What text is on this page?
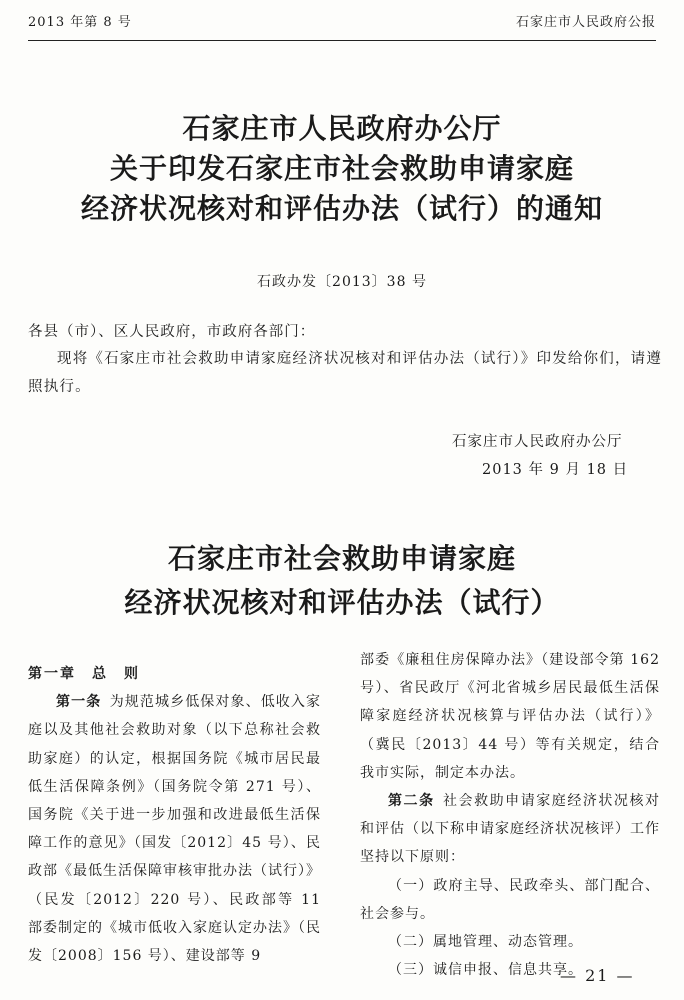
2013 年第 8 号	石家庄市人民政府公报
石家庄市人民政府办公厅
关于印发石家庄市社会救助申请家庭
经济状况核对和评估办法（试行）的通知
石政办发〔2013〕38 号
各县（市）、区人民政府，市政府各部门：

现将《石家庄市社会救助申请家庭经济状况核对和评估办法（试行）》印发给你们，请遵照执行。

石家庄市人民政府办公厅
2013 年 9 月 18 日
石家庄市社会救助申请家庭
经济状况核对和评估办法（试行）

第一章　总　则

第一条 为规范城乡低保对象、低收入家庭以及其他社会救助对象（以下总称社会救助家庭）的认定，根据国务院《城市居民最低生活保障条例》（国务院令第 271 号）、国务院《关于进一步加强和改进最低生活保障工作的意见》（国发〔2012〕45 号）、民政部《最低生活保障审核审批办法（试行）》（民发〔2012〕220 号）、民政部等 11 部委制定的《城市低收入家庭认定办法》（民发〔2008〕156 号）、建设部等 9

部委《廉租住房保障办法》（建设部令第 162 号）、省民政厅《河北省城乡居民最低生活保障家庭经济状况核算与评估办法（试行）》（冀民〔2013〕44 号）等有关规定，结合我市实际，制定本办法。

第二条 社会救助申请家庭经济状况核对和评估（以下称申请家庭经济状况核评）工作坚持以下原则：

（一）政府主导、民政牵头、部门配合、社会参与。

（二）属地管理、动态管理。

（三）诚信申报、信息共享。

— 21 —
